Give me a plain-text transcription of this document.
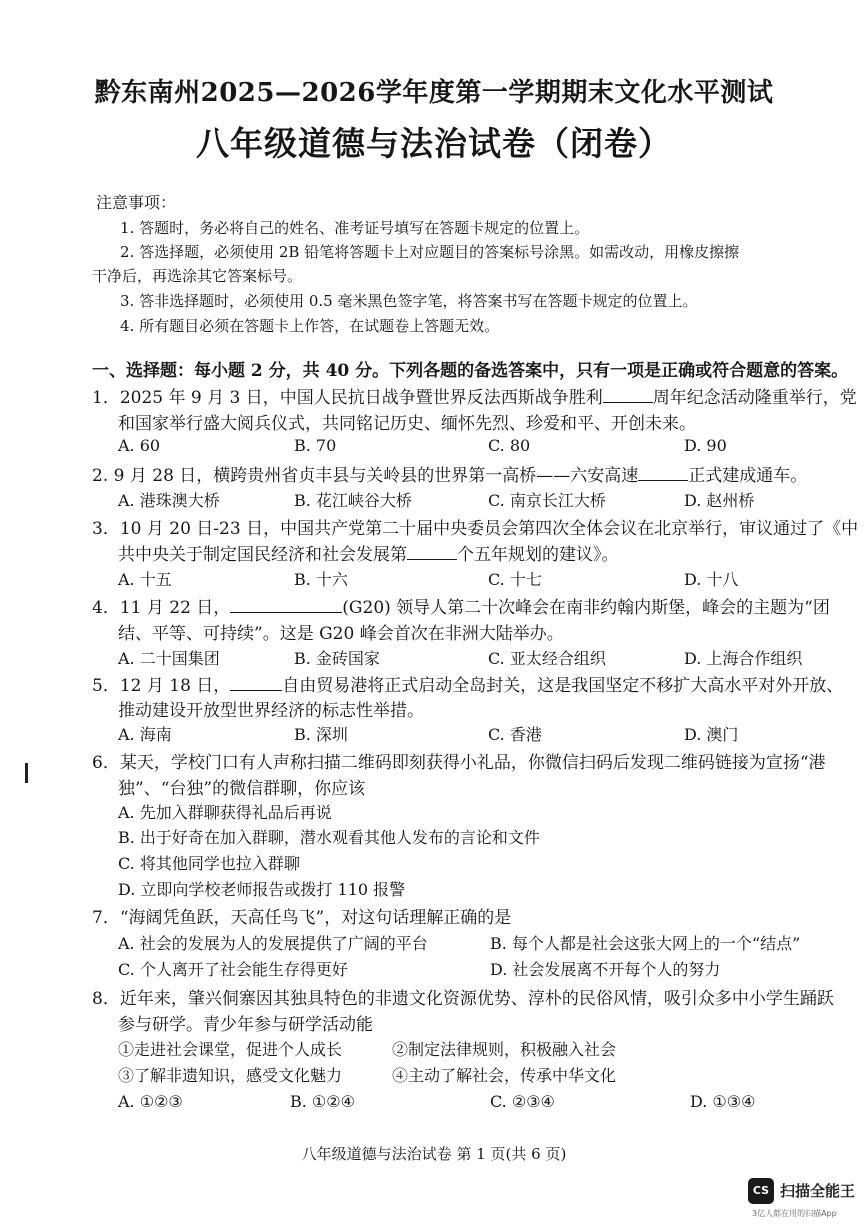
黔东南州2025—2026学年度第一学期期末文化水平测试
八年级道德与法治试卷（闭卷）
注意事项：
1. 答题时，务必将自己的姓名、准考证号填写在答题卡规定的位置上。
2. 答选择题，必须使用 2B 铅笔将答题卡上对应题目的答案标号涂黑。如需改动，用橡皮擦擦
干净后，再选涂其它答案标号。
3. 答非选择题时，必须使用 0.5 毫米黑色签字笔，将答案书写在答题卡规定的位置上。
4. 所有题目必须在答题卡上作答，在试题卷上答题无效。
一、选择题：每小题 2 分，共 40 分。下列各题的备选答案中，只有一项是正确或符合题意的答案。
1．2025 年 9 月 3 日，中国人民抗日战争暨世界反法西斯战争胜利	周年纪念活动隆重举行，党
和国家举行盛大阅兵仪式，共同铭记历史、缅怀先烈、珍爱和平、开创未来。
A. 60	B. 70	C. 80	D. 90
2. 9 月 28 日，横跨贵州省贞丰县与关岭县的世界第一高桥——六安高速	正式建成通车。
A. 港珠澳大桥	B. 花江峡谷大桥	C. 南京长江大桥	D. 赵州桥
3．10 月 20 日-23 日，中国共产党第二十届中央委员会第四次全体会议在北京举行，审议通过了《中
共中央关于制定国民经济和社会发展第	个五年规划的建议》。
A. 十五	B. 十六	C. 十七	D. 十八
4．11 月 22 日，	(G20) 领导人第二十次峰会在南非约翰内斯堡，峰会的主题为“团
结、平等、可持续”。这是 G20 峰会首次在非洲大陆举办。
A. 二十国集团	B. 金砖国家	C. 亚太经合组织	D. 上海合作组织
5．12 月 18 日，	自由贸易港将正式启动全岛封关，这是我国坚定不移扩大高水平对外开放、
推动建设开放型世界经济的标志性举措。
A. 海南	B. 深圳	C. 香港	D. 澳门
6．某天，学校门口有人声称扫描二维码即刻获得小礼品，你微信扫码后发现二维码链接为宣扬“港
独”、“台独”的微信群聊，你应该
A. 先加入群聊获得礼品后再说
B. 出于好奇在加入群聊，潜水观看其他人发布的言论和文件
C. 将其他同学也拉入群聊
D. 立即向学校老师报告或拨打 110 报警
7．“海阔凭鱼跃，天高任鸟飞”，对这句话理解正确的是
A. 社会的发展为人的发展提供了广阔的平台	B. 每个人都是社会这张大网上的一个“结点”
C. 个人离开了社会能生存得更好	D. 社会发展离不开每个人的努力
8．近年来，肇兴侗寨因其独具特色的非遗文化资源优势、淳朴的民俗风情，吸引众多中小学生踊跃
参与研学。青少年参与研学活动能
①走进社会课堂，促进个人成长	②制定法律规则，积极融入社会
③了解非遗知识，感受文化魅力	④主动了解社会，传承中华文化
A. ①②③	B. ①②④	C. ②③④	D. ①③④
八年级道德与法治试卷 第 1 页(共 6 页)
CS 扫描全能王
3亿人都在用的扫描App
